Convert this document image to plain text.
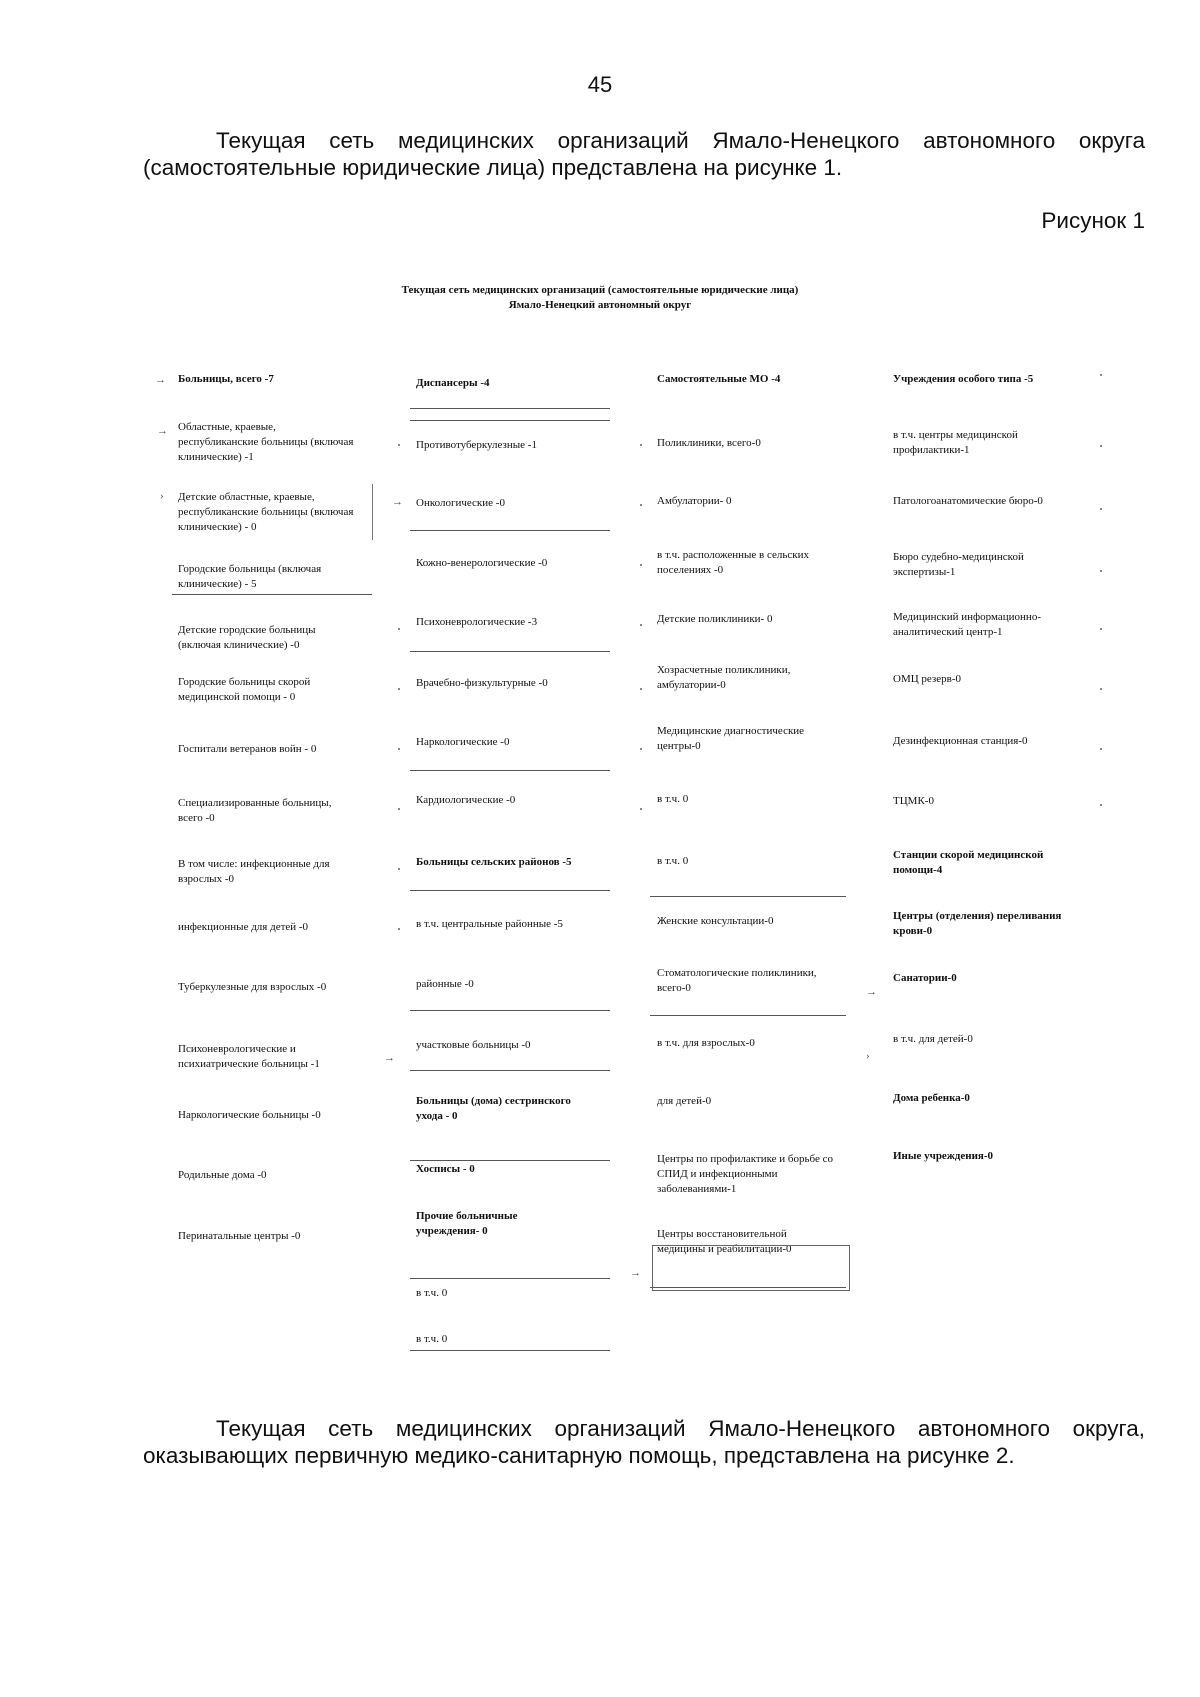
45
Текущая сеть медицинских организаций Ямало-Ненецкого автономного округа (самостоятельные юридические лица) представлена на рисунке 1.
Рисунок 1
Текущая сеть медицинских организаций (самостоятельные юридические лица)
Ямало-Ненецкий автономный округ
Больницы, всего -7
Областные, краевые, республиканские больницы (включая клинические) -1
Детские областные, краевые, республиканские больницы (включая клинические) - 0
Городские больницы (включая клинические) - 5
Детские городские больницы (включая клинические) -0
Городские больницы скорой медицинской помощи - 0
Госпитали ветеранов войн - 0
Специализированные больницы, всего -0
В том числе: инфекционные для взрослых -0
инфекционные для детей -0
Туберкулезные для взрослых -0
Психоневрологические и психиатрические больницы -1
Наркологические больницы -0
Родильные дома -0
Перинатальные центры -0
Диспансеры -4
Противотуберкулезные -1
Онкологические -0
Кожно-венерологические -0
Психоневрологические -3
Врачебно-физкультурные -0
Наркологические -0
Кардиологические -0
Больницы сельских районов -5
в т.ч. центральные районные -5
районные -0
участковые больницы -0
Больницы (дома) сестринского ухода - 0
Хосписы - 0
Прочие больничные учреждения- 0
в т.ч. 0
в т.ч. 0
Самостоятельные МО -4
Поликлиники, всего-0
Амбулатории- 0
в т.ч. расположенные в сельских поселениях -0
Детские поликлиники- 0
Хозрасчетные поликлиники, амбулатории-0
Медицинские диагностические центры-0
в т.ч. 0
в т.ч. 0
Женские консультации-0
Стоматологические поликлиники, всего-0
в т.ч. для взрослых-0
для детей-0
Центры по профилактике и борьбе со СПИД и инфекционными заболеваниями-1
Центры восстановительной медицины и реабилитации-0
Учреждения особого типа -5
в т.ч. центры медицинской профилактики-1
Патологоанатомические бюро-0
Бюро судебно-медицинской экспертизы-1
Медицинский информационно-аналитический центр-1
ОМЦ резерв-0
Дезинфекционная станция-0
ТЦМК-0
Станции скорой медицинской помощи-4
Центры (отделения) переливания крови-0
Санатории-0
в т.ч. для детей-0
Дома ребенка-0
Иные учреждения-0
→
→
›	→
→
→
→
›
Текущая сеть медицинских организаций Ямало-Ненецкого автономного округа, оказывающих первичную медико-санитарную помощь, представлена на рисунке 2.
